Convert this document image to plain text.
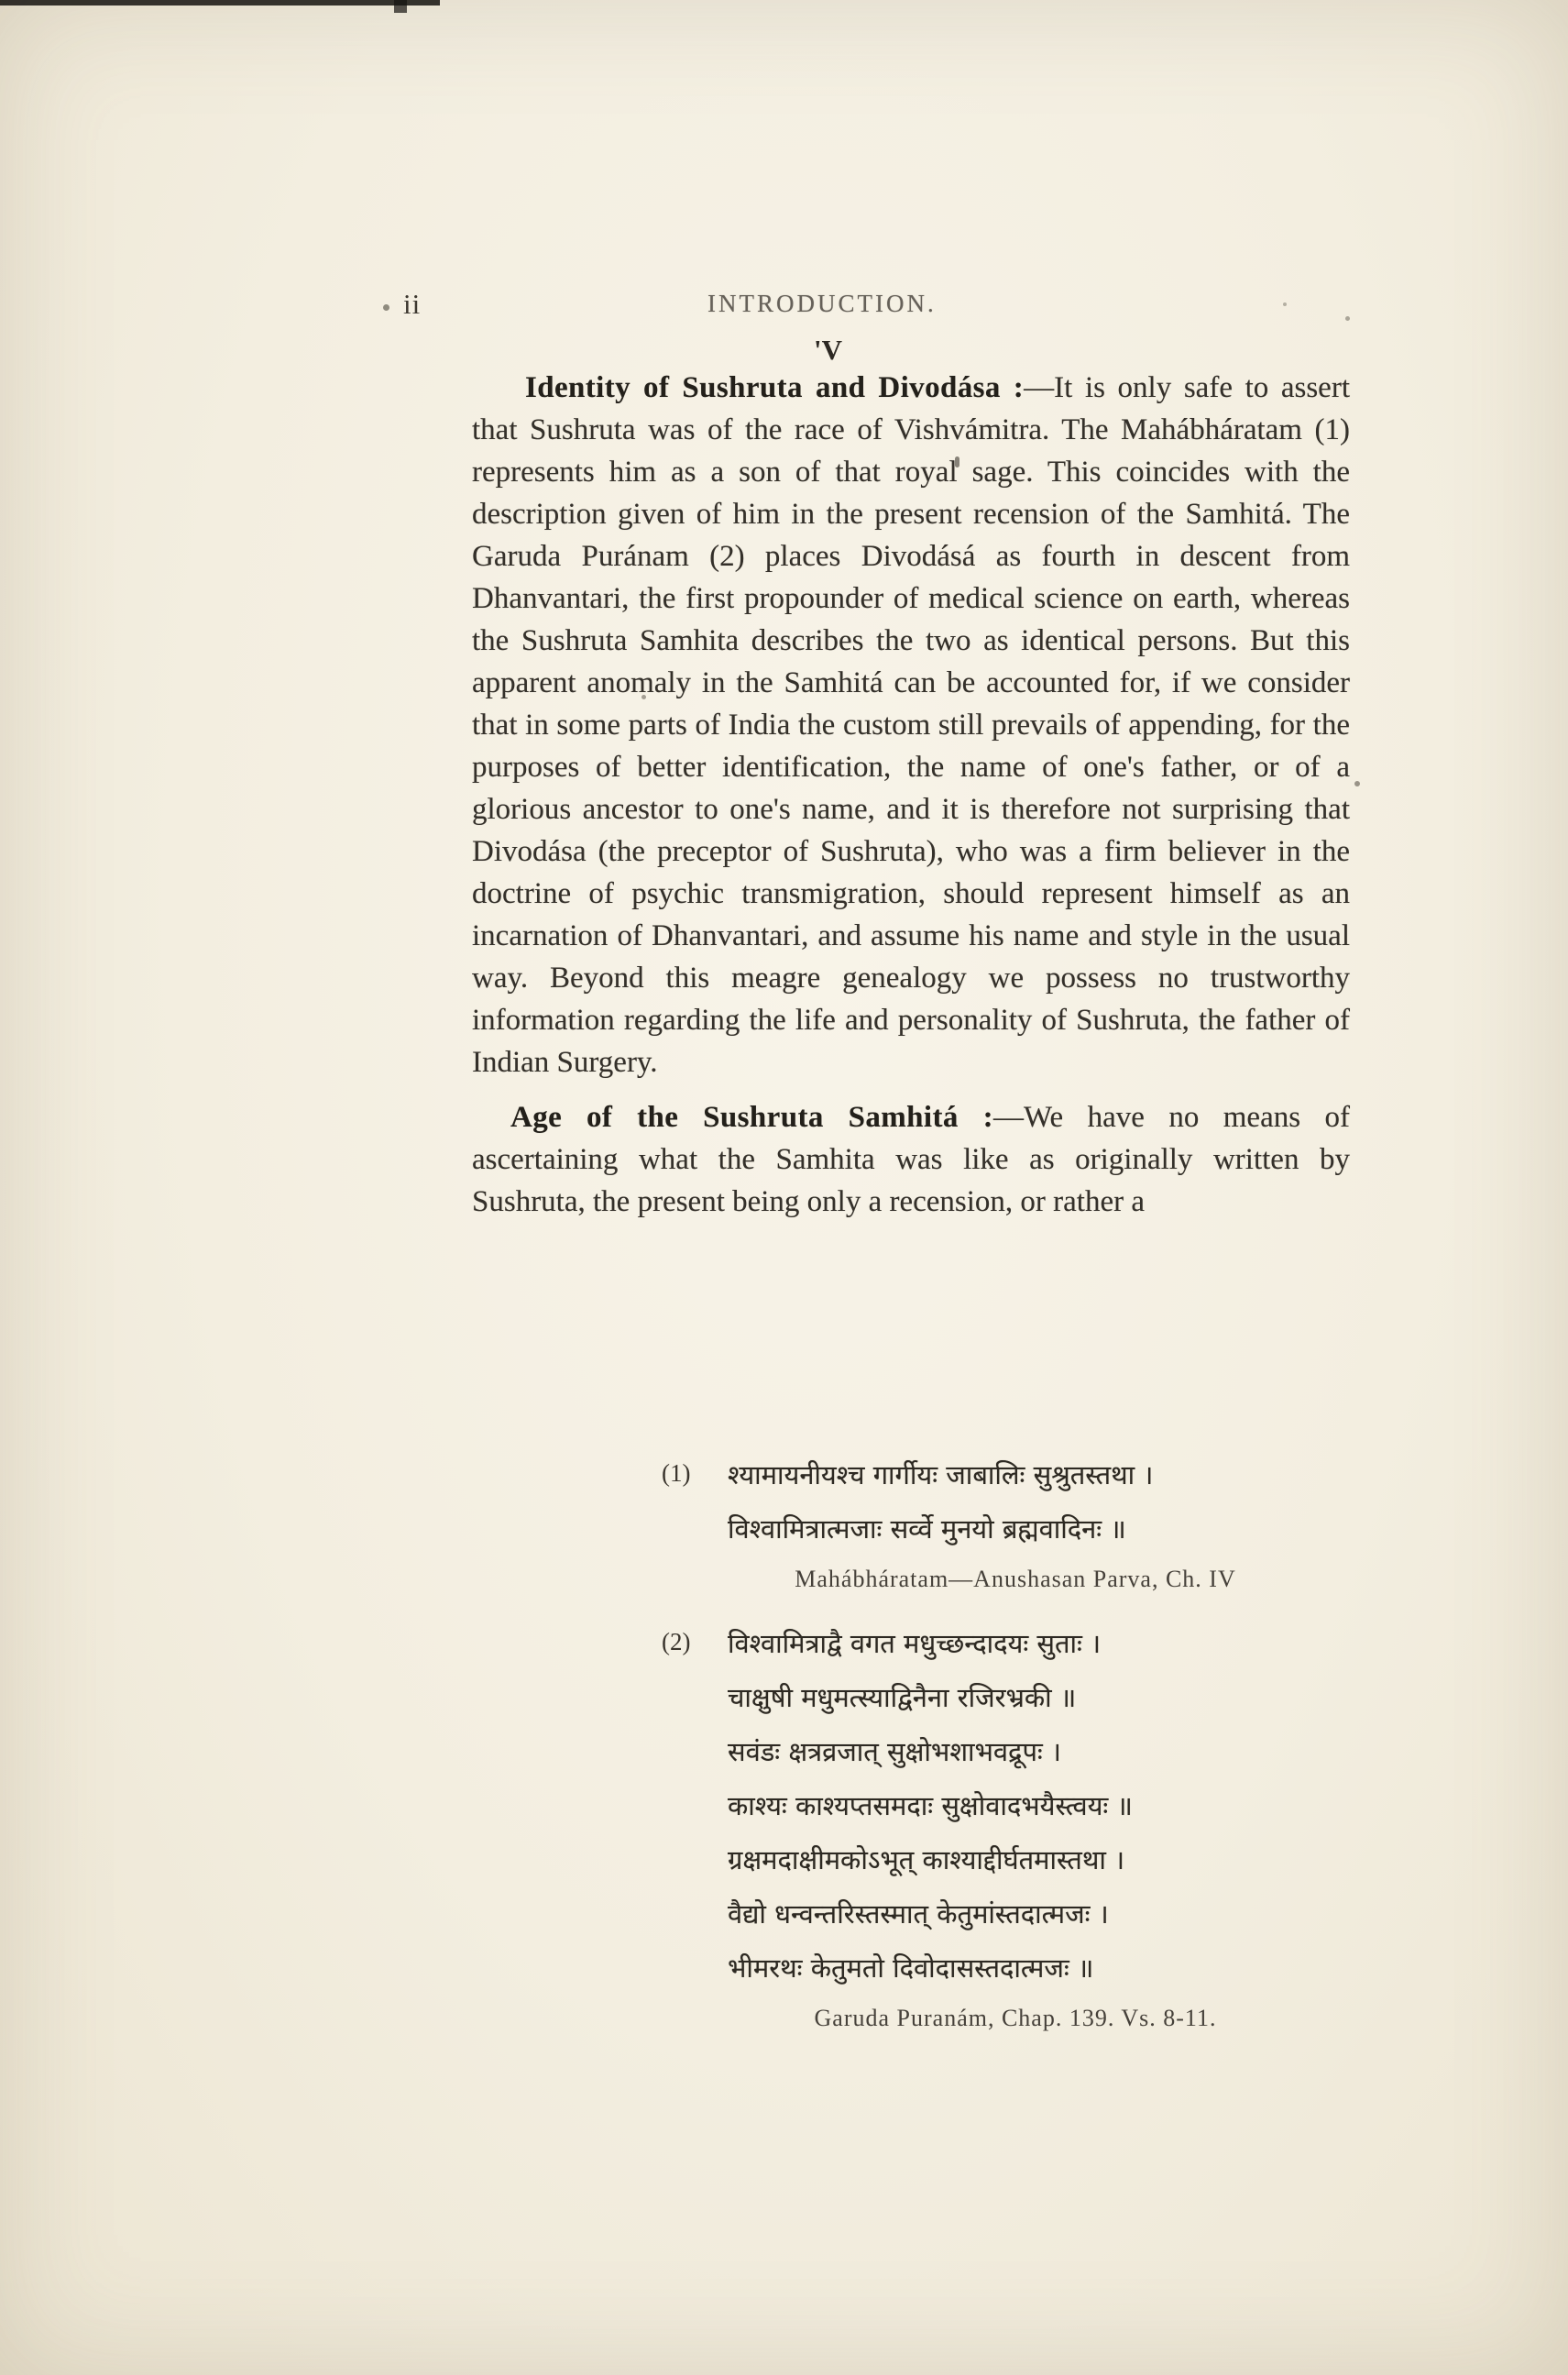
ii	INTRODUCTION.
'V

Identity of Sushruta and Divodása :—It is only safe to assert that Sushruta was of the race of Vishvámitra. The Mahábháratam (1) represents him as a son of that royal sage. This coincides with the description given of him in the present recension of the Samhitá. The Garuda Puránam (2) places Divodásá as fourth in descent from Dhanvantari, the first propounder of medical science on earth, whereas the Sushruta Samhita describes the two as identical persons. But this apparent anomaly in the Samhitá can be accounted for, if we consider that in some parts of India the custom still prevails of appending, for the purposes of better identification, the name of one's father, or of a glorious ancestor to one's name, and it is therefore not surprising that Divodása (the preceptor of Sushruta), who was a firm believer in the doctrine of psychic transmigration, should represent himself as an incarnation of Dhanvantari, and assume his name and style in the usual way. Beyond this meagre genealogy we possess no trustworthy information regarding the life and personality of Sushruta, the father of Indian Surgery.

Age of the Sushruta Samhitá :—We have no means of ascertaining what the Samhita was like as originally written by Sushruta, the present being only a recension, or rather a

(1) श्यामायनीयश्च गार्गीयः जाबालिः सुश्रुतस्तथा ।
विश्वामित्रात्मजाः सर्व्वे मुनयो ब्रह्मवादिनः ॥
Mahábháratam—Anushasan Parva, Ch. IV
(2) विश्वामित्राद्वै वगत मधुच्छन्दादयः सुताः ।
चाक्षुषी मधुमत्स्याद्विनैना रजिरभ्रकी ॥
सवंडः क्षत्रव्रजात् सुक्षोभशाभवद्रूपः ।
काश्यः काश्यप्तसमदाः सुक्षोवादभयैस्त्वयः ॥
ग्रक्षमदाक्षीमकोऽभूत् काश्याद्दीर्घतमास्तथा ।
वैद्यो धन्वन्तरिस्तस्मात् केतुमांस्तदात्मजः ।
भीमरथः केतुमतो दिवोदासस्तदात्मजः ॥
Garuda Puranám, Chap. 139. Vs. 8-11.
